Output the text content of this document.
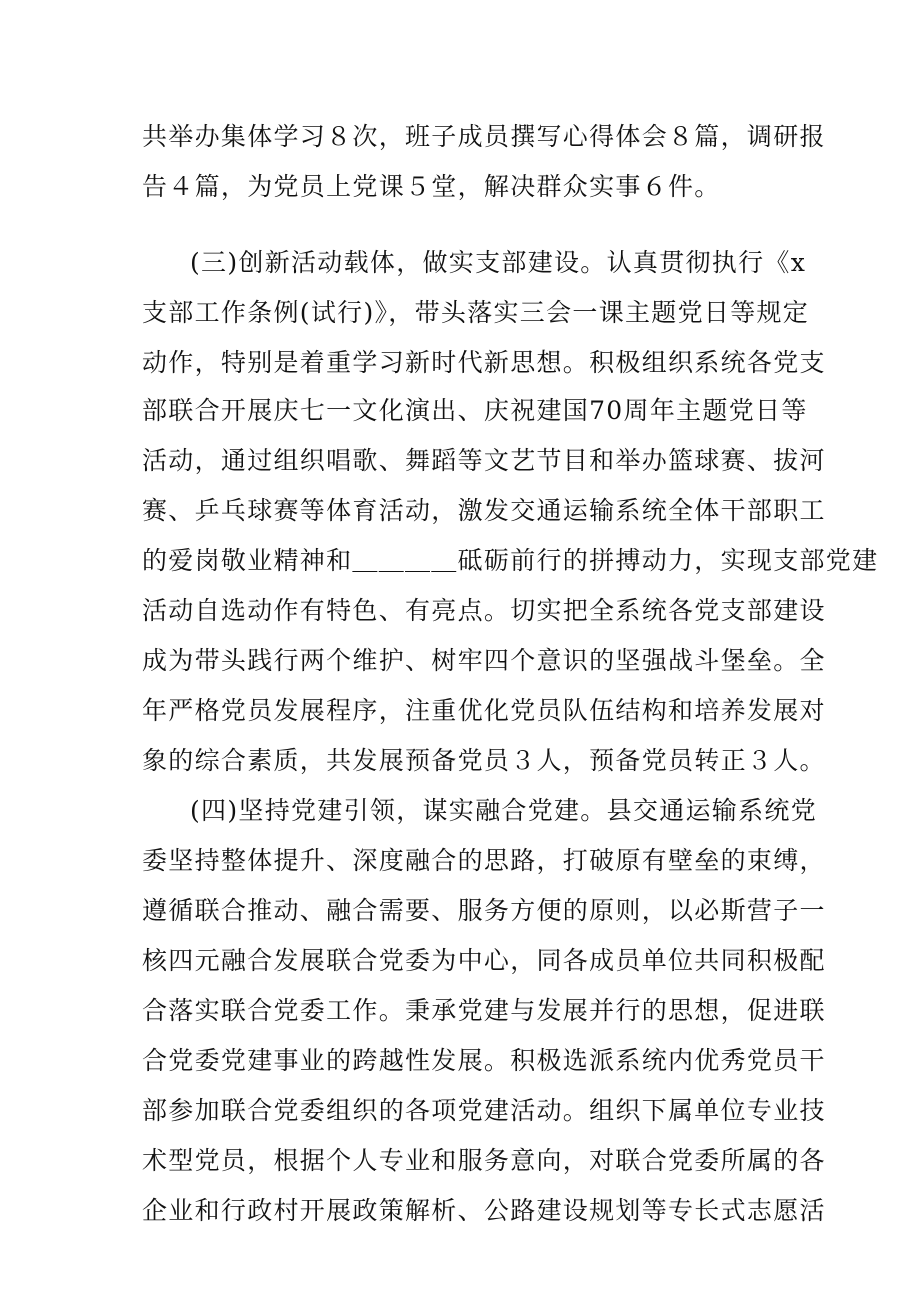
共举办集体学习８次，班子成员撰写心得体会８篇，调研报
告４篇，为党员上党课５堂，解决群众实事６件。
(三)创新活动载体，做实支部建设。认真贯彻执行《x
支部工作条例(试行)》，带头落实三会一课主题党日等规定
动作，特别是着重学习新时代新思想。积极组织系统各党支
部联合开展庆七一文化演出、庆祝建国70周年主题党日等
活动，通过组织唱歌、舞蹈等文艺节目和举办篮球赛、拔河
赛、乒乓球赛等体育活动，激发交通运输系统全体干部职工
的爱岗敬业精神和＿＿＿＿砥砺前行的拼搏动力，实现支部党建
活动自选动作有特色、有亮点。切实把全系统各党支部建设
成为带头践行两个维护、树牢四个意识的坚强战斗堡垒。全
年严格党员发展程序，注重优化党员队伍结构和培养发展对
象的综合素质，共发展预备党员３人，预备党员转正３人。
(四)坚持党建引领，谋实融合党建。县交通运输系统党
委坚持整体提升、深度融合的思路，打破原有壁垒的束缚，
遵循联合推动、融合需要、服务方便的原则，以必斯营子一
核四元融合发展联合党委为中心，同各成员单位共同积极配
合落实联合党委工作。秉承党建与发展并行的思想，促进联
合党委党建事业的跨越性发展。积极选派系统内优秀党员干
部参加联合党委组织的各项党建活动。组织下属单位专业技
术型党员，根据个人专业和服务意向，对联合党委所属的各
企业和行政村开展政策解析、公路建设规划等专长式志愿活
